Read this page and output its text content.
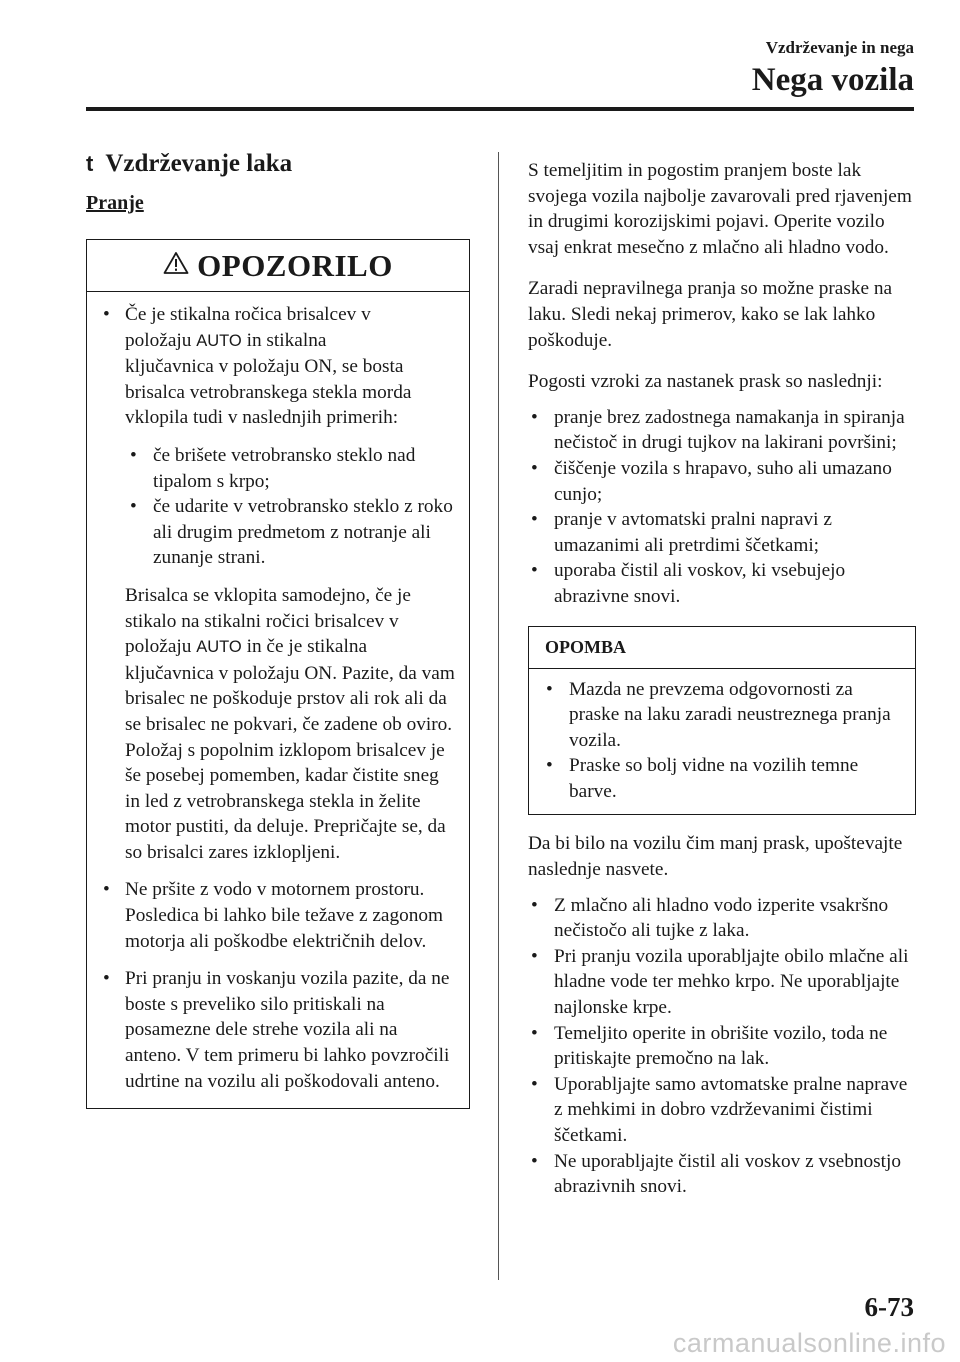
Vzdrževanje in nega
Nega vozila
t Vzdrževanje laka
Pranje
OPOZORILO
• Če je stikalna ročica brisalcev v
položaju AUTO in stikalna
ključavnica v položaju ON, se bosta brisalca vetrobranskega stekla morda vklopila tudi v naslednjih primerih:
• če brišete vetrobransko steklo nad tipalom s krpo;
• če udarite v vetrobransko steklo z roko ali drugim predmetom z notranje ali zunanje strani.
Brisalca se vklopita samodejno, če je stikalo na stikalni ročici brisalcev v položaju AUTO in če je stikalna ključavnica v položaju ON. Pazite, da vam brisalec ne poškoduje prstov ali rok ali da se brisalec ne pokvari, če zadene ob oviro.
Položaj s popolnim izklopom brisalcev je še posebej pomemben, kadar čistite sneg in led z vetrobranskega stekla in želite motor pustiti, da deluje. Prepričajte se, da so brisalci zares izklopljeni.
• Ne pršite z vodo v motornem prostoru. Posledica bi lahko bile težave z zagonom motorja ali poškodbe električnih delov.
• Pri pranju in voskanju vozila pazite, da ne boste s preveliko silo pritiskali na posamezne dele strehe vozila ali na anteno. V tem primeru bi lahko povzročili udrtine na vozilu ali poškodovali anteno.
S temeljitim in pogostim pranjem boste lak svojega vozila najbolje zavarovali pred rjavenjem in drugimi korozijskimi pojavi. Operite vozilo vsaj enkrat mesečno z mlačno ali hladno vodo.
Zaradi nepravilnega pranja so možne praske na laku. Sledi nekaj primerov, kako se lak lahko poškoduje.
Pogosti vzroki za nastanek prask so naslednji:
• pranje brez zadostnega namakanja in spiranja nečistoč in drugi tujkov na lakirani površini;
• čiščenje vozila s hrapavo, suho ali umazano cunjo;
• pranje v avtomatski pralni napravi z umazanimi ali pretrdimi ščetkami;
• uporaba čistil ali voskov, ki vsebujejo abrazivne snovi.
OPOMBA
• Mazda ne prevzema odgovornosti za praske na laku zaradi neustreznega pranja vozila.
• Praske so bolj vidne na vozilih temne barve.
Da bi bilo na vozilu čim manj prask, upoštevajte naslednje nasvete.
• Z mlačno ali hladno vodo izperite vsakršno nečistočo ali tujke z laka.
• Pri pranju vozila uporabljajte obilo mlačne ali hladne vode ter mehko krpo. Ne uporabljajte najlonske krpe.
• Temeljito operite in obrišite vozilo, toda ne pritiskajte premočno na lak.
• Uporabljajte samo avtomatske pralne naprave z mehkimi in dobro vzdrževanimi čistimi ščetkami.
• Ne uporabljajte čistil ali voskov z vsebnostjo abrazivnih snovi.
6-73
carmanualsonline.info
